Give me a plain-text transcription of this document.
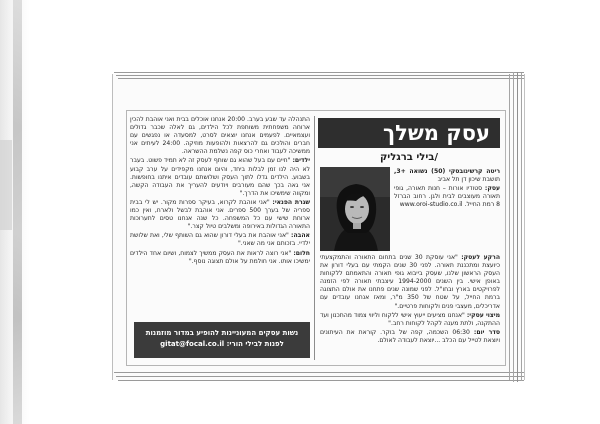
עסק משלך
/בילי ברגליק

ריטה קרשינובסקי (50) נשואה +3, תושבת שיכון דן תל אביב

עסק: סטודיו אורות – חנות תאורה, גופי תאורה מעוצבים לבית ולגן. רחוב הברזל 8 רמת החייל. www.oroi-studio.co.il

הרקע לעסק: "אני עוסקת 30 שנים בתחום התאורה והתמקצעתי כיועצת ומתכננת תאורה. לפני 30 שנים הקמתי עם בעלי דורון את העסק הראשון שלנו, שעסק בייבוא גופי תאורה והתאמתם ללקוחות באופן אישי. בין השנים 1994-2000 עיצבתי תאורה לפי הזמנה לפרויקטים בארץ ובחו"ל. לפני שמונה שנים פתחנו את אולם התצוגה ברמת החייל, על שטח של 350 מ"ר, ומאז אנחנו עובדים עם אדריכלים, מעצבי פנים ולקוחות פרטיים."

מיצוי עסקי: "אנחנו מציעים ייעוץ אישי ללקוח וליווי צמוד מהתכנון ועד ההתקנה, ולתת מענה לקהל לקוחות רחב."

סדר יום: 06:30 השכמה, קפה של בוקר. קוראת את העיתונים ויוצאת לטייל עם הכלב ...יוצאת לעבודה לאולם.

התנהלה עד שבע בערב. 20:00 אנחנו אוכלים בבית ואני אוהבת להכין ארוחה משפחתית משותפת לכל הילדים, גם לאלה שכבר גדולים ועצמאיים. לפעמים אנחנו יוצאים לסרט, למסעדה או נפגשים עם חברים והולכים גם להרצאות ולהופעות מוזיקה. 24:00 לעיתים אני ממשיכה לעבוד ואחרי כוס קפה נשלמת ההשראה.

ילדים: "חיים עם בעל שהוא גם שותף לעסק זה לא תמיד פשוט. בעבר לא היה לנו זמן לבלות ביחד, והיום אנחנו מקפידים על ערב קבוע בשבוע. הילדים גדלו לתוך העסק ושלושתם עובדים איתנו בחופשות. אני גאה בכך שהם מעורבים ויודעים להעריך את העבודה הקשה, ומקווה שימשיכו את הדרך."

שגרת הפנאי: "אני אוהבת לקרוא, בעיקר ספרות מקור. יש לי בבית ספריה של בערך 500 ספרים. אני אוהבת לבשל ולארח, ואין כמו ארוחת שישי עם כל המשפחה. כל שנה אנחנו טסים לתערוכות התאורה הגדולות באירופה ומשלבים טיול קצר."

אהבה: "אני אוהבת את בעלי דורון שהוא גם השותף שלי, ואת שלושת ילדיי. בזכותם אני מה שאני."

חלום: "אני רוצה לראות את העסק ממשיך לצמוח, ושיום אחד הילדים ימשיכו אותו. אני חולמת על אולם תצוגה נוסף."

נשות עסקים המעוניינות להופיע במדור מוזמנות
לפנות לבילי הורי: gitat@focal.co.il
